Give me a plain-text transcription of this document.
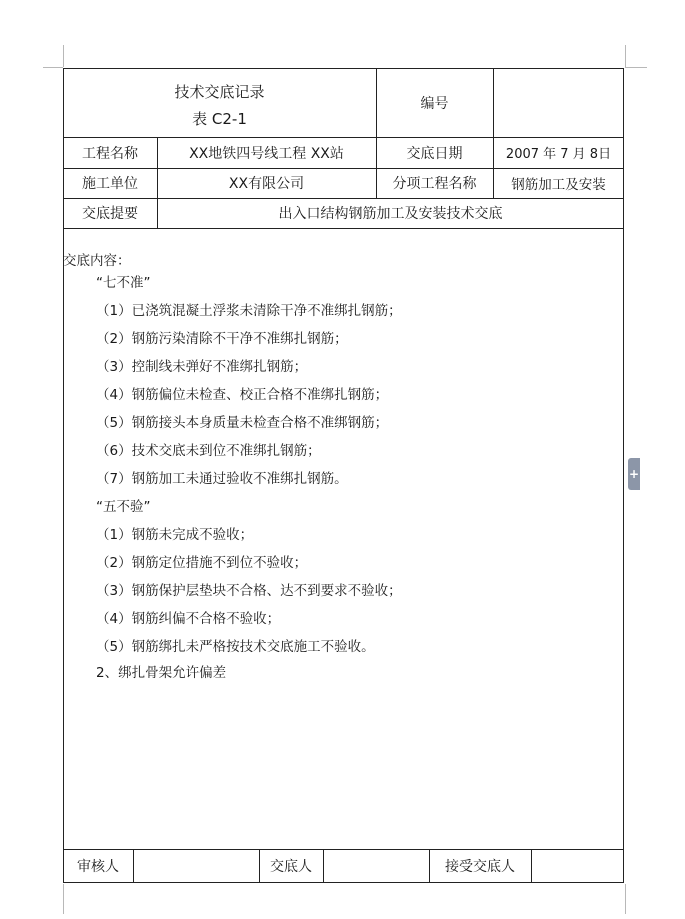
技术交底记录
表 C2-1
编号
工程名称	XX地铁四号线工程 XX站	交底日期	2007 年 7 月 8日
施工单位	XX有限公司	分项工程名称	钢筋加工及安装
交底提要	出入口结构钢筋加工及安装技术交底
交底内容：
“七不准”
（1）已浇筑混凝土浮浆未清除干净不准绑扎钢筋；
（2）钢筋污染清除不干净不准绑扎钢筋；
（3）控制线未弹好不准绑扎钢筋；
（4）钢筋偏位未检查、校正合格不准绑扎钢筋；
（5）钢筋接头本身质量未检查合格不准绑钢筋；
（6）技术交底未到位不准绑扎钢筋；
（7）钢筋加工未通过验收不准绑扎钢筋。
“五不验”
（1）钢筋未完成不验收；
（2）钢筋定位措施不到位不验收；
（3）钢筋保护层垫块不合格、达不到要求不验收；
（4）钢筋纠偏不合格不验收；
（5）钢筋绑扎未严格按技术交底施工不验收。
2、绑扎骨架允许偏差
审核人	交底人	接受交底人
+
